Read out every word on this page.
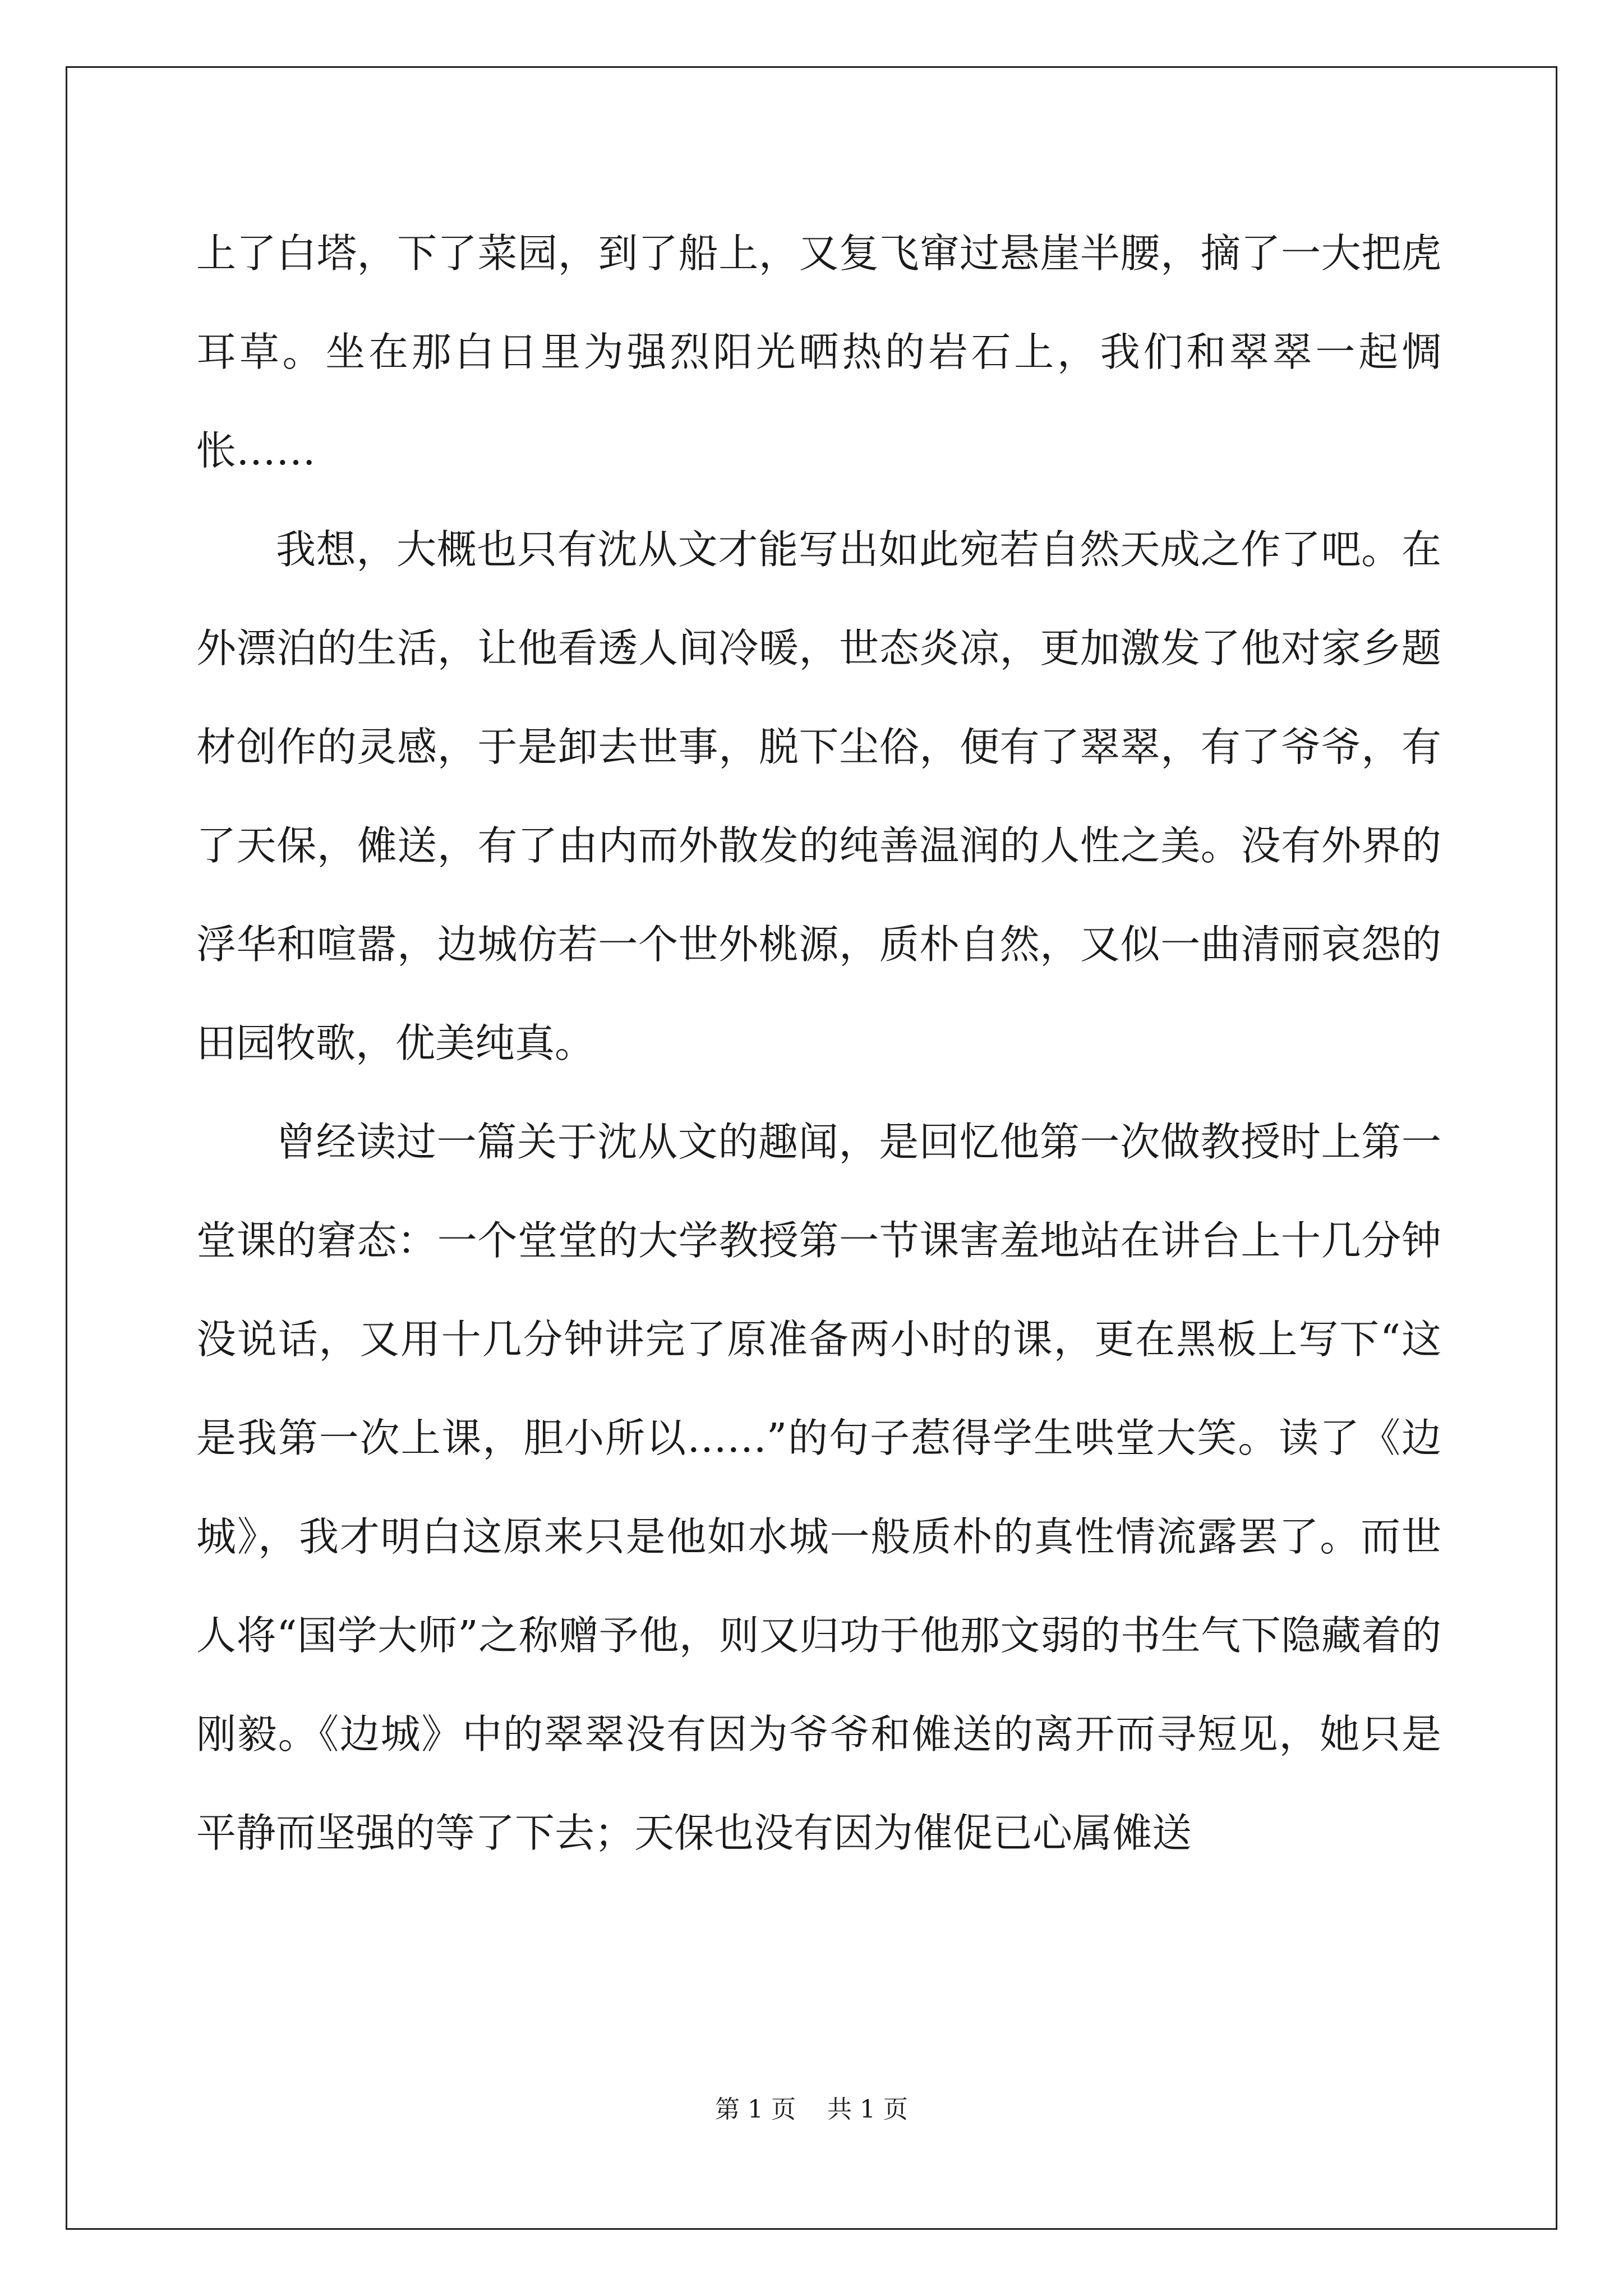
上了白塔，下了菜园，到了船上，又复飞窜过悬崖半腰，摘了一大把虎耳草。坐在那白日里为强烈阳光晒热的岩石上，我们和翠翠一起惆怅……

我想，大概也只有沈从文才能写出如此宛若自然天成之作了吧。在外漂泊的生活，让他看透人间冷暖，世态炎凉，更加激发了他对家乡题材创作的灵感，于是卸去世事，脱下尘俗，便有了翠翠，有了爷爷，有了天保，傩送，有了由内而外散发的纯善温润的人性之美。没有外界的浮华和喧嚣，边城仿若一个世外桃源，质朴自然，又似一曲清丽哀怨的田园牧歌，优美纯真。

曾经读过一篇关于沈从文的趣闻，是回忆他第一次做教授时上第一堂课的窘态：一个堂堂的大学教授第一节课害羞地站在讲台上十几分钟没说话，又用十几分钟讲完了原准备两小时的课，更在黑板上写下“这是我第一次上课，胆小所以……”的句子惹得学生哄堂大笑。读了《边城》，我才明白这原来只是他如水城一般质朴的真性情流露罢了。而世人将“国学大师”之称赠予他，则又归功于他那文弱的书生气下隐藏着的刚毅。《边城》中的翠翠没有因为爷爷和傩送的离开而寻短见，她只是平静而坚强的等了下去；天保也没有因为催促已心属傩送

第 1 页    共 1 页
